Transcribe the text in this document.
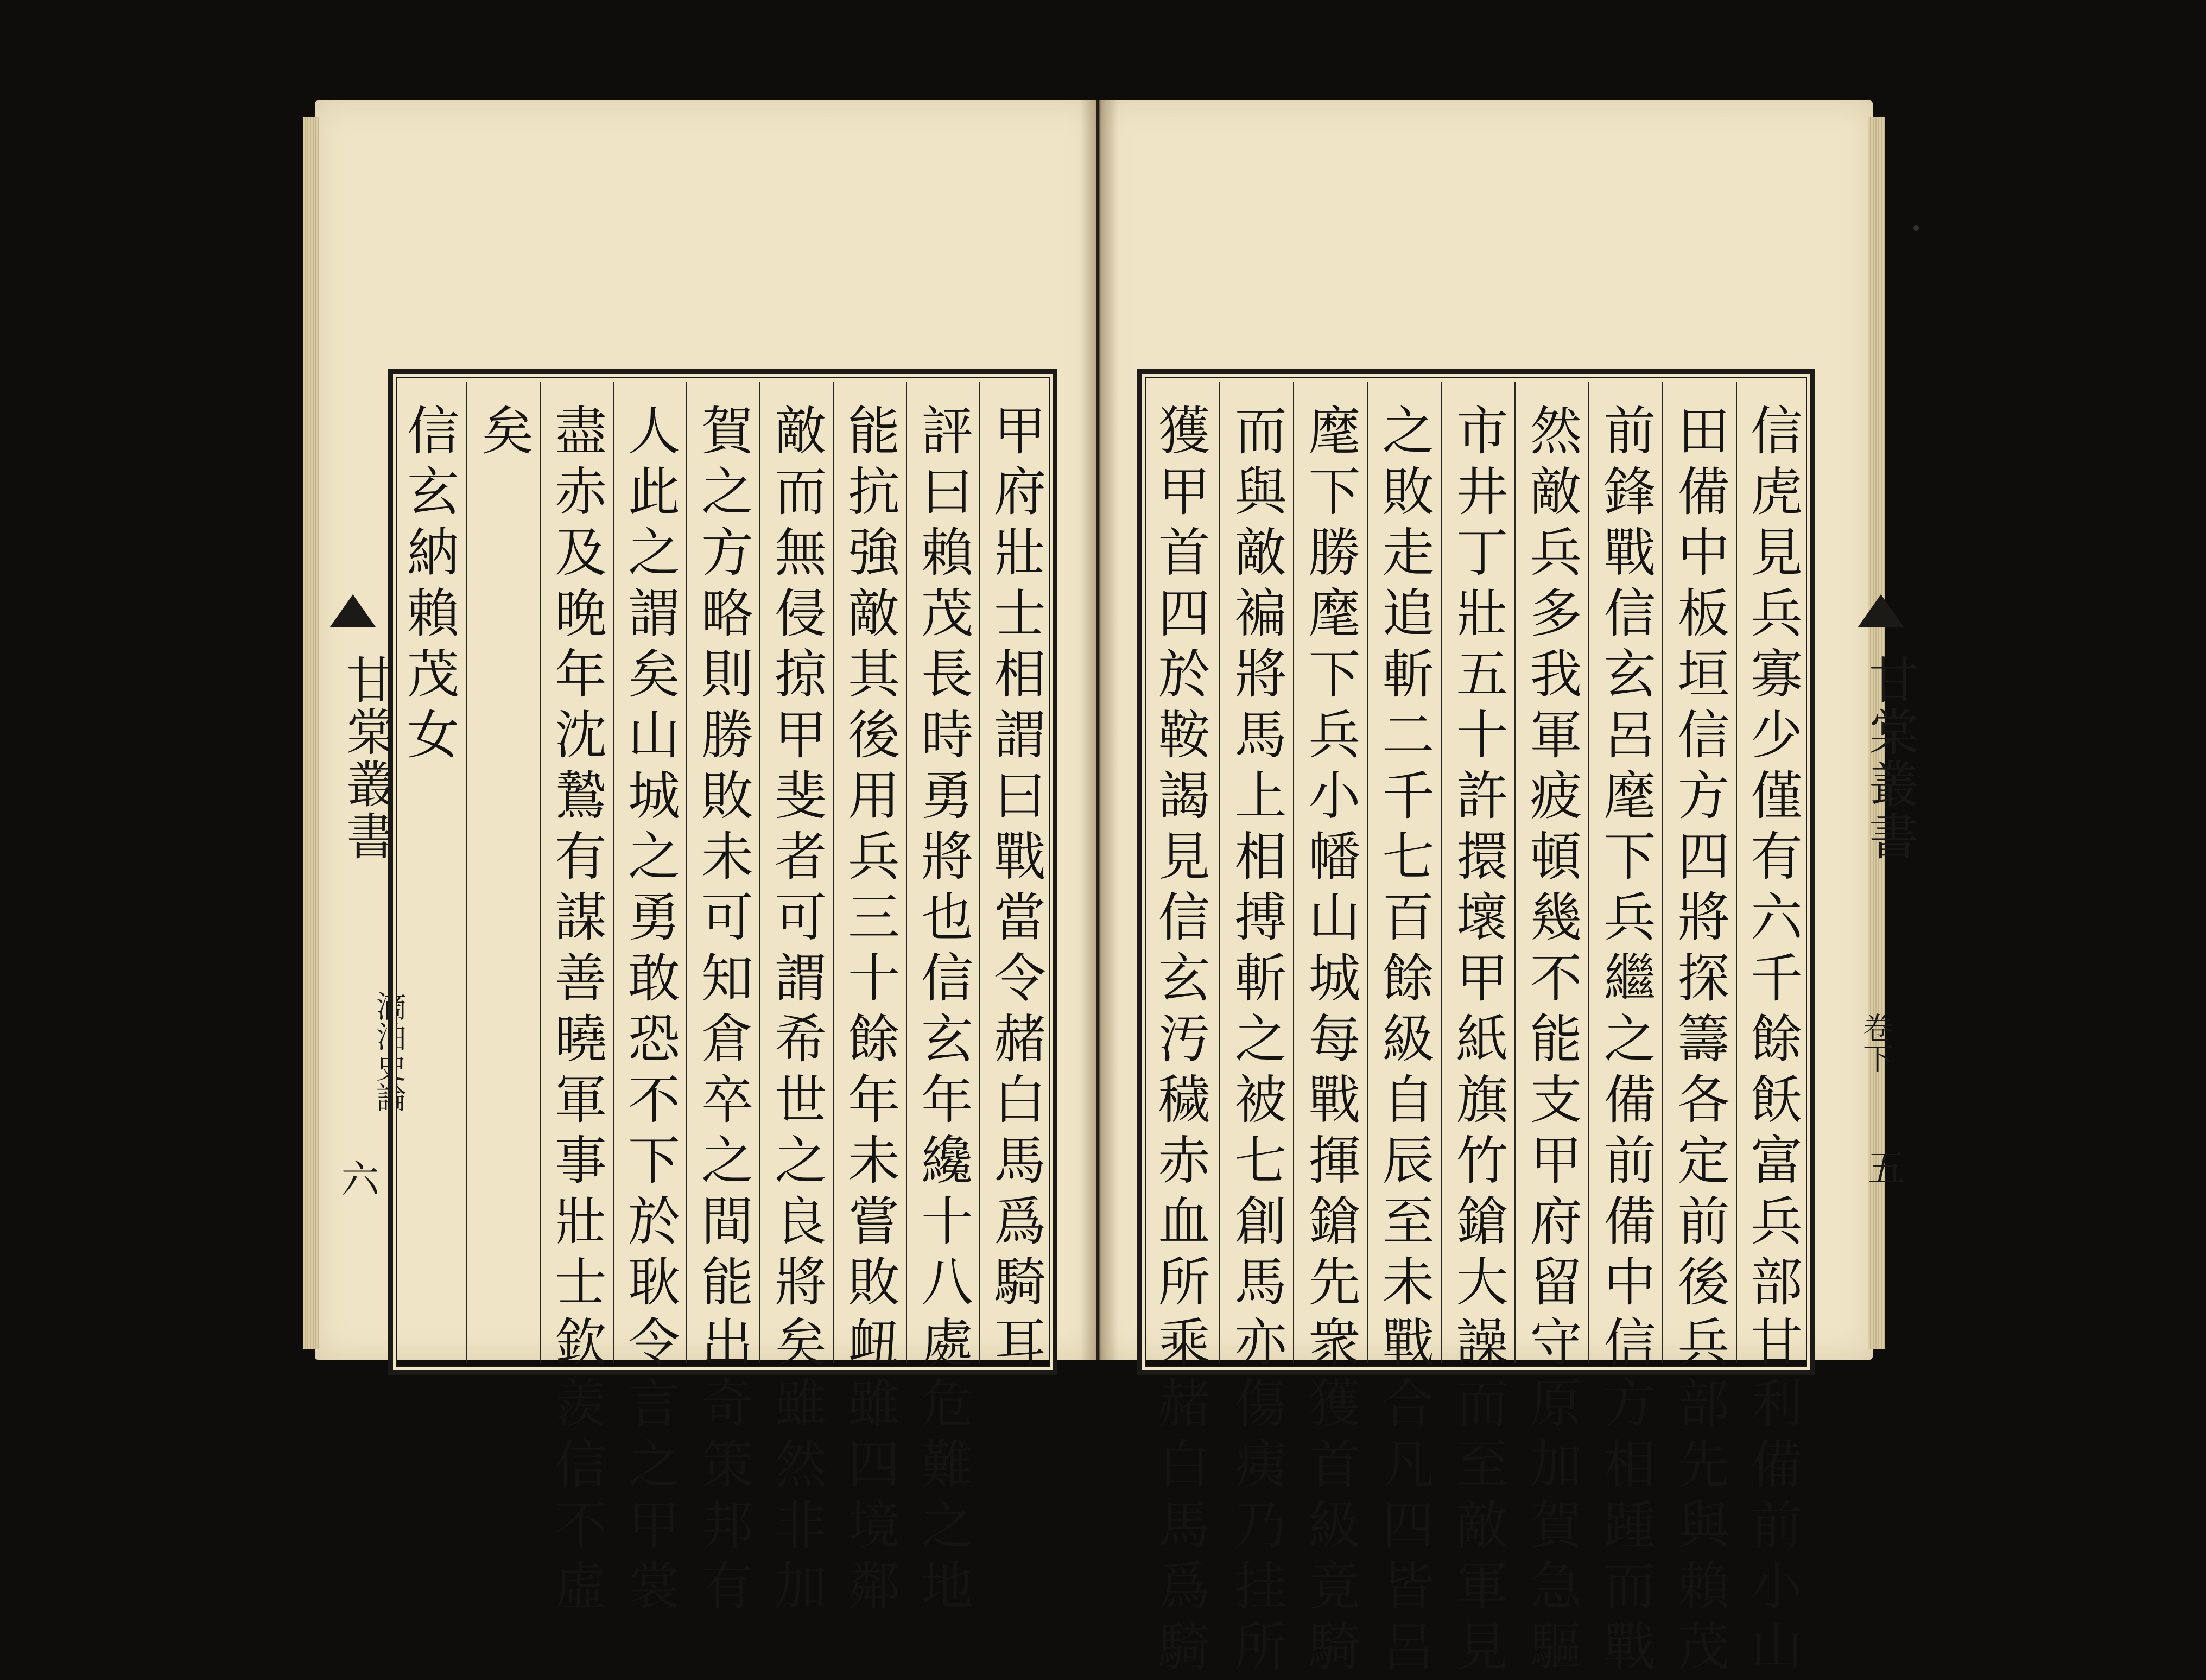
甘棠叢書
滴泊史論
六	甲府壯士相謂曰戰當令赭白馬爲騎耳
評曰賴茂長時勇將也信玄年纔十八處危難之地
能抗強敵其後用兵三十餘年未嘗敗衄雖四境鄰
敵而無侵掠甲斐者可謂希世之良將矣雖然非加
賀之方略則勝敗未可知倉卒之間能出奇策邦有
人此之謂矣山城之勇敢恐不下於耿令言之甲裳
盡赤及晚年沈鷙有謀善曉軍事壯士欽羨信不虛
矣
信玄納賴茂女	甘棠叢書
卷下
五
信虎見兵寡少僅有六千餘飫富兵部甘利備前小山
田備中板垣信方四將探籌各定前後兵部先與賴茂
前鋒戰信玄呂麾下兵繼之備前備中信方相踵而戰
然敵兵多我軍疲頓幾不能支甲府留守原加賀急驅
市井丁壯五十許擐壞甲紙旗竹鎗大譟而至敵軍見
之敗走追斬二千七百餘級自辰至未戰合凡四皆呂
麾下勝麾下兵小幡山城每戰揮鎗先衆獲首級竟騎
而與敵褊將馬上相搏斬之被七創馬亦傷痍乃挂所
獲甲首四於鞍謁見信玄汚穢赤血所乘赭白馬爲騎
